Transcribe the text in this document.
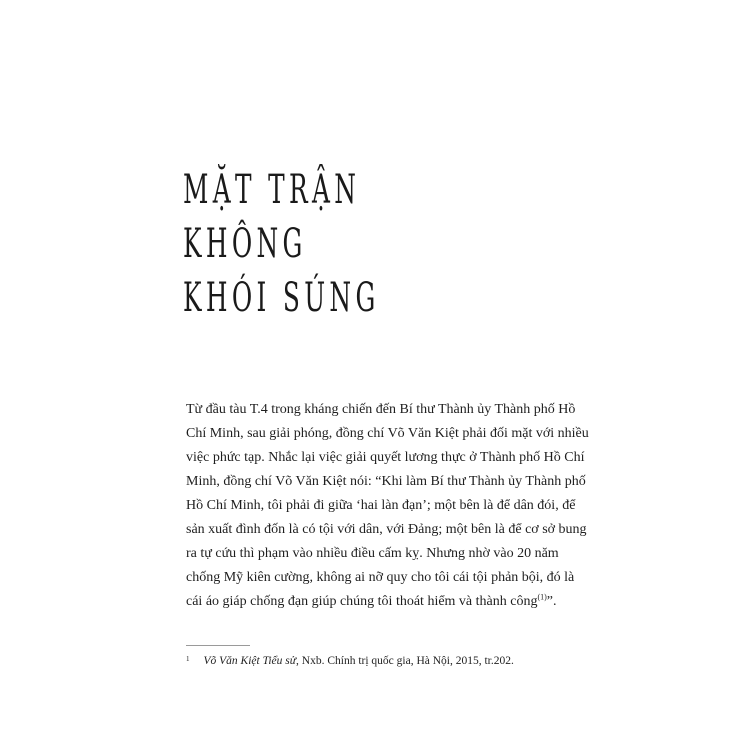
MẶT TRẬN
KHÔNG
KHÓI SÚNG

Từ đầu tàu T.4 trong kháng chiến đến Bí thư Thành ủy Thành phố Hồ
Chí Minh, sau giải phóng, đồng chí Võ Văn Kiệt phải đối mặt với nhiều
việc phức tạp. Nhắc lại việc giải quyết lương thực ở Thành phố Hồ Chí
Minh, đồng chí Võ Văn Kiệt nói: “Khi làm Bí thư Thành ủy Thành phố
Hồ Chí Minh, tôi phải đi giữa ‘hai làn đạn’; một bên là để dân đói, để
sản xuất đình đốn là có tội với dân, với Đảng; một bên là để cơ sở bung
ra tự cứu thì phạm vào nhiều điều cấm kỵ. Nhưng nhờ vào 20 năm
chống Mỹ kiên cường, không ai nỡ quy cho tôi cái tội phản bội, đó là
cái áo giáp chống đạn giúp chúng tôi thoát hiểm và thành công$^{(1)}$”.

$^1$ Võ Văn Kiệt Tiểu sử, Nxb. Chính trị quốc gia, Hà Nội, 2015, tr.202.
